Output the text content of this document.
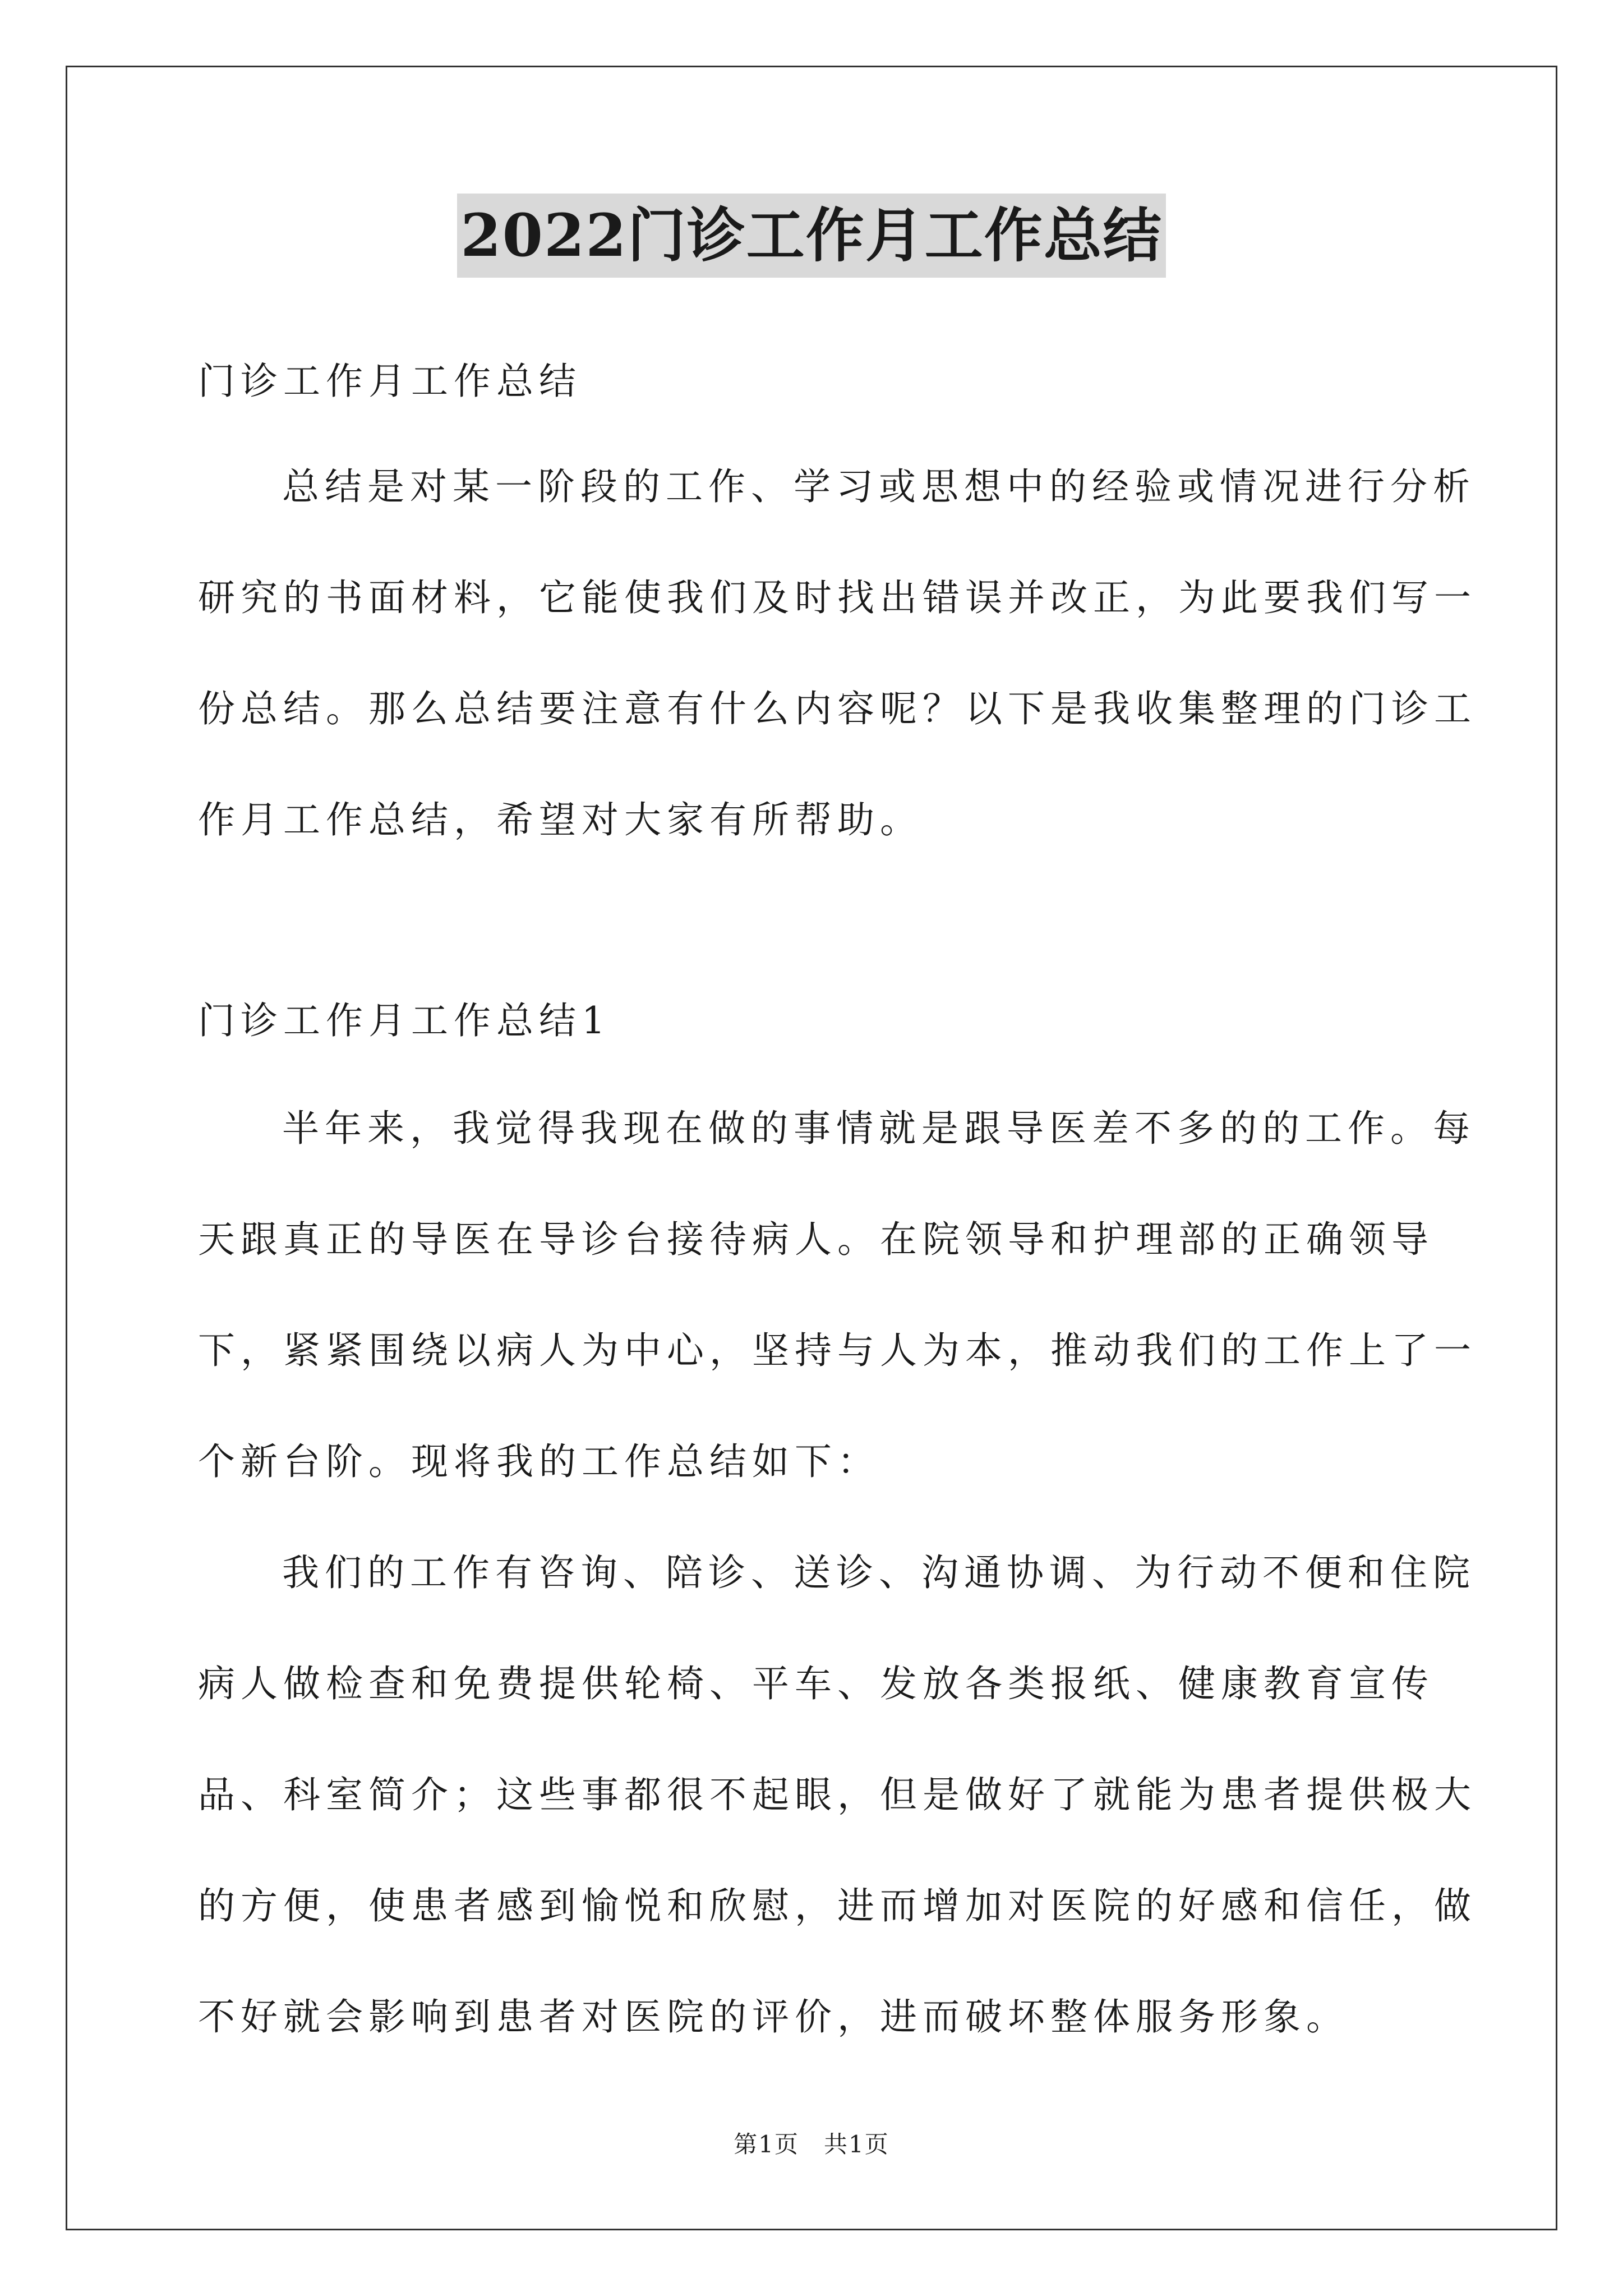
2022门诊工作月工作总结

门诊工作月工作总结

总结是对某一阶段的工作、学习或思想中的经验或情况进行分析研究的书面材料，它能使我们及时找出错误并改正，为此要我们写一份总结。那么总结要注意有什么内容呢？以下是我收集整理的门诊工作月工作总结，希望对大家有所帮助。

门诊工作月工作总结1

半年来，我觉得我现在做的事情就是跟导医差不多的的工作。每天跟真正的导医在导诊台接待病人。在院领导和护理部的正确领导下，紧紧围绕以病人为中心，坚持与人为本，推动我们的工作上了一个新台阶。现将我的工作总结如下：

我们的工作有咨询、陪诊、送诊、沟通协调、为行动不便和住院病人做检查和免费提供轮椅、平车、发放各类报纸、健康教育宣传品、科室简介；这些事都很不起眼，但是做好了就能为患者提供极大的方便，使患者感到愉悦和欣慰，进而增加对医院的好感和信任，做不好就会影响到患者对医院的评价，进而破坏整体服务形象。

第1页　共1页
